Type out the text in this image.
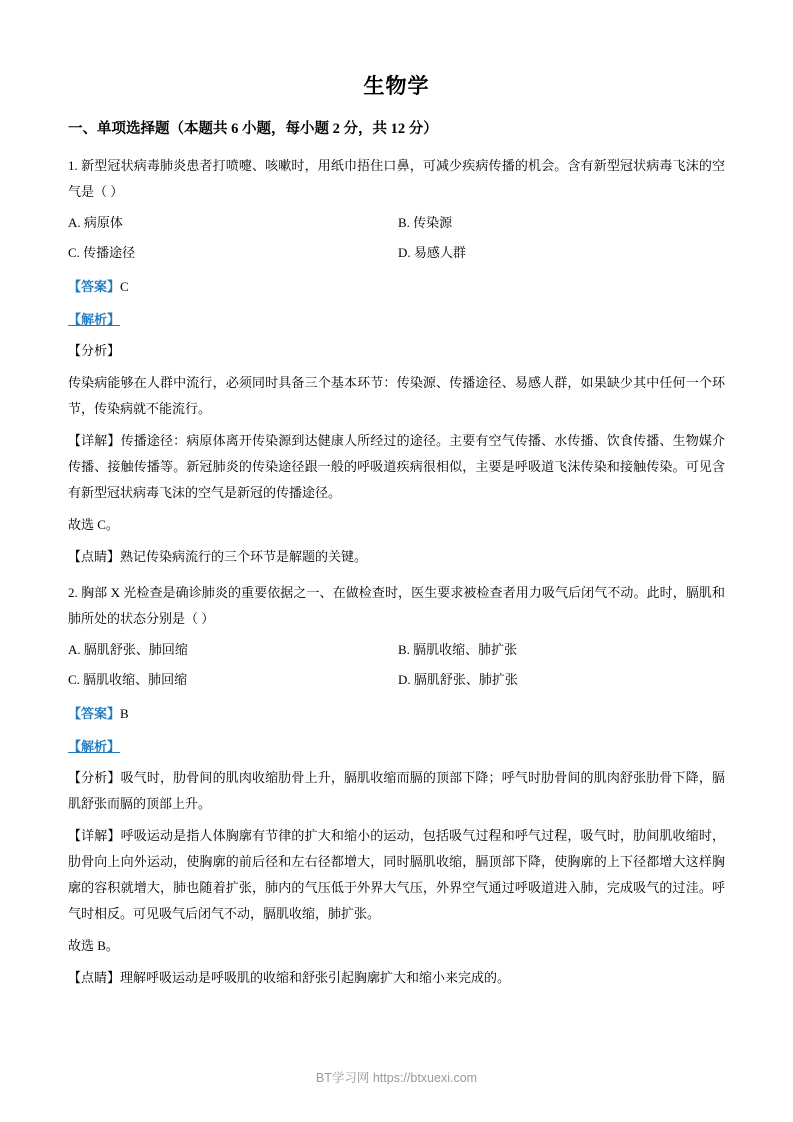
生物学
一、单项选择题（本题共 6 小题，每小题 2 分，共 12 分）
1. 新型冠状病毒肺炎患者打喷嚏、咳嗽时，用纸巾捂住口鼻，可减少疾病传播的机会。含有新型冠状病毒飞沫的空气是（ ）
A. 病原体	B. 传染源
C. 传播途径	D. 易感人群
【答案】C
【解析】
【分析】
传染病能够在人群中流行，必须同时具备三个基本环节：传染源、传播途径、易感人群，如果缺少其中任何一个环节，传染病就不能流行。
【详解】传播途径：病原体离开传染源到达健康人所经过的途径。主要有空气传播、水传播、饮食传播、生物媒介传播、接触传播等。新冠肺炎的传染途径跟一般的呼吸道疾病很相似，主要是呼吸道飞沫传染和接触传染。可见含有新型冠状病毒飞沫的空气是新冠的传播途径。
故选 C。
【点睛】熟记传染病流行的三个环节是解题的关键。
2. 胸部 X 光检查是确诊肺炎的重要依据之一、在做检查时，医生要求被检查者用力吸气后闭气不动。此时，膈肌和肺所处的状态分别是（ ）
A. 膈肌舒张、肺回缩	B. 膈肌收缩、肺扩张
C. 膈肌收缩、肺回缩	D. 膈肌舒张、肺扩张
【答案】B
【解析】
【分析】吸气时，肋骨间的肌肉收缩肋骨上升，膈肌收缩而膈的顶部下降；呼气时肋骨间的肌肉舒张肋骨下降，膈肌舒张而膈的顶部上升。
【详解】呼吸运动是指人体胸廓有节律的扩大和缩小的运动，包括吸气过程和呼气过程，吸气时，肋间肌收缩时，肋骨向上向外运动，使胸廓的前后径和左右径都增大，同时膈肌收缩，膈顶部下降，使胸廓的上下径都增大这样胸廓的容积就增大，肺也随着扩张，肺内的气压低于外界大气压，外界空气通过呼吸道进入肺，完成吸气的过洼。呼气时相反。可见吸气后闭气不动，膈肌收缩，肺扩张。
故选 B。
【点睛】理解呼吸运动是呼吸肌的收缩和舒张引起胸廓扩大和缩小来完成的。
BT学习网 https://btxuexi.com
